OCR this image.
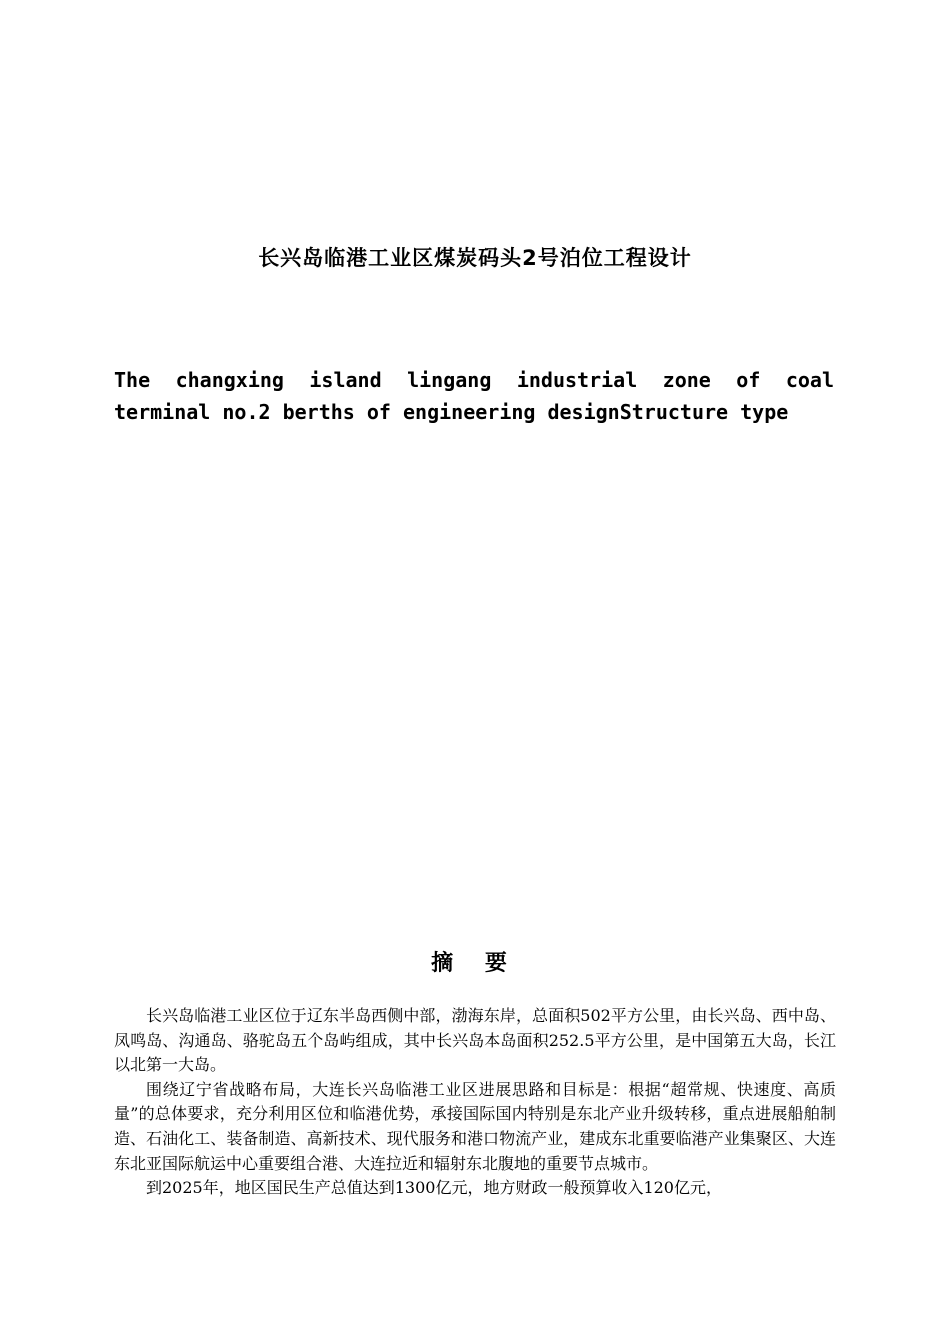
长兴岛临港工业区煤炭码头2号泊位工程设计
The changxing island lingang industrial zone of coal terminal no.2 berths of engineering designStructure type
摘 要

长兴岛临港工业区位于辽东半岛西侧中部，渤海东岸，总面积502平方公里，由长兴岛、西中岛、凤鸣岛、沟通岛、骆驼岛五个岛屿组成，其中长兴岛本岛面积252.5平方公里，是中国第五大岛，长江以北第一大岛。

围绕辽宁省战略布局，大连长兴岛临港工业区进展思路和目标是：根据“超常规、快速度、高质量”的总体要求，充分利用区位和临港优势，承接国际国内特别是东北产业升级转移，重点进展船舶制造、石油化工、装备制造、高新技术、现代服务和港口物流产业，建成东北重要临港产业集聚区、大连东北亚国际航运中心重要组合港、大连拉近和辐射东北腹地的重要节点城市。

到2025年，地区国民生产总值达到1300亿元，地方财政一般预算收入120亿元，
